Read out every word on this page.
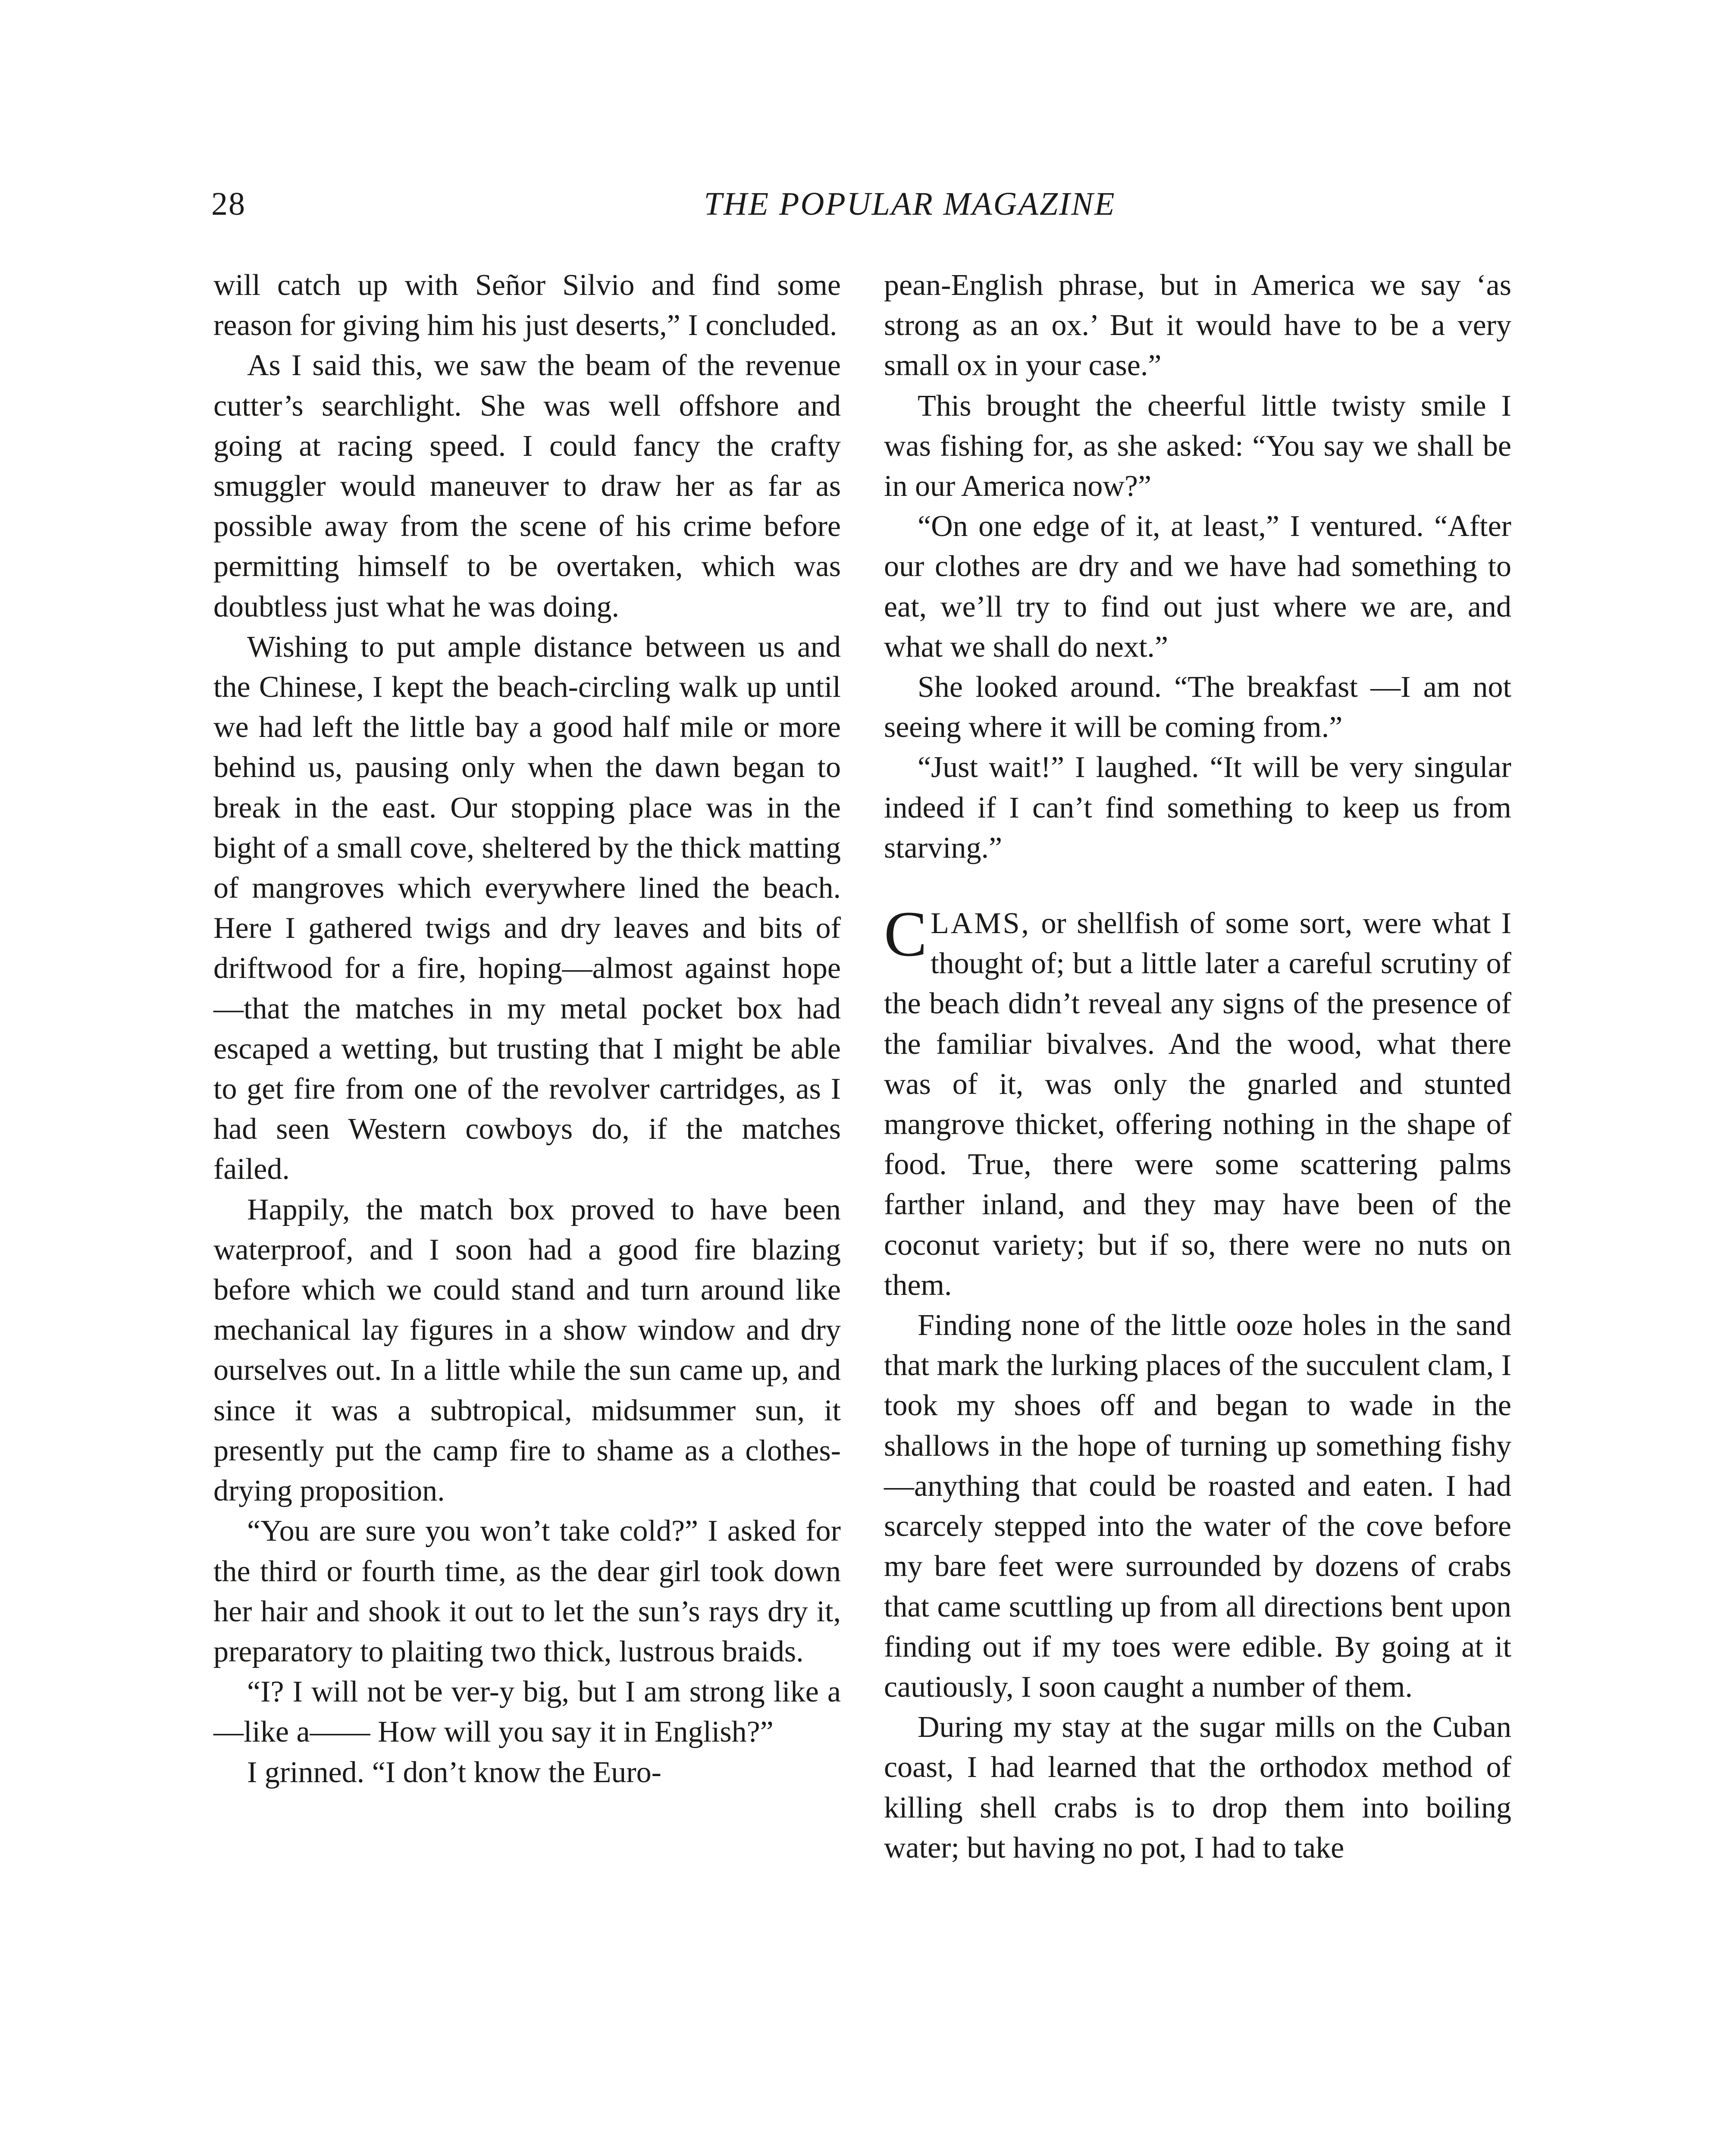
28	THE POPULAR MAGAZINE

will catch up with Señor Silvio and find some reason for giving him his just deserts,” I concluded.

As I said this, we saw the beam of the revenue cutter’s searchlight. She was well offshore and going at racing speed. I could fancy the crafty smuggler would maneuver to draw her as far as possible away from the scene of his crime before permitting himself to be overtaken, which was doubtless just what he was doing.

Wishing to put ample distance between us and the Chinese, I kept the beach-circling walk up until we had left the little bay a good half mile or more behind us, pausing only when the dawn began to break in the east. Our stopping place was in the bight of a small cove, sheltered by the thick matting of mangroves which everywhere lined the beach. Here I gathered twigs and dry leaves and bits of driftwood for a fire, hoping—almost against hope—that the matches in my metal pocket box had escaped a wetting, but trusting that I might be able to get fire from one of the revolver cartridges, as I had seen Western cowboys do, if the matches failed.

Happily, the match box proved to have been waterproof, and I soon had a good fire blazing before which we could stand and turn around like mechanical lay figures in a show window and dry ourselves out. In a little while the sun came up, and since it was a subtropical, midsummer sun, it presently put the camp fire to shame as a clothes-drying proposition.

“You are sure you won’t take cold?” I asked for the third or fourth time, as the dear girl took down her hair and shook it out to let the sun’s rays dry it, preparatory to plaiting two thick, lustrous braids.

“I? I will not be ver-y big, but I am strong like a—like a—— How will you say it in English?”

I grinned. “I don’t know the Euro-

pean-English phrase, but in America we say ‘as strong as an ox.’ But it would have to be a very small ox in your case.”

This brought the cheerful little twisty smile I was fishing for, as she asked: “You say we shall be in our America now?”

“On one edge of it, at least,” I ventured. “After our clothes are dry and we have had something to eat, we’ll try to find out just where we are, and what we shall do next.”

She looked around. “The breakfast —I am not seeing where it will be coming from.”

“Just wait!” I laughed. “It will be very singular indeed if I can’t find something to keep us from starving.”

CLAMS, or shellfish of some sort, were what I thought of; but a little later a careful scrutiny of the beach didn’t reveal any signs of the presence of the familiar bivalves. And the wood, what there was of it, was only the gnarled and stunted mangrove thicket, offering nothing in the shape of food. True, there were some scattering palms farther inland, and they may have been of the coconut variety; but if so, there were no nuts on them.

Finding none of the little ooze holes in the sand that mark the lurking places of the succulent clam, I took my shoes off and began to wade in the shallows in the hope of turning up something fishy—anything that could be roasted and eaten. I had scarcely stepped into the water of the cove before my bare feet were surrounded by dozens of crabs that came scuttling up from all directions bent upon finding out if my toes were edible. By going at it cautiously, I soon caught a number of them.

During my stay at the sugar mills on the Cuban coast, I had learned that the orthodox method of killing shell crabs is to drop them into boiling water; but having no pot, I had to take
